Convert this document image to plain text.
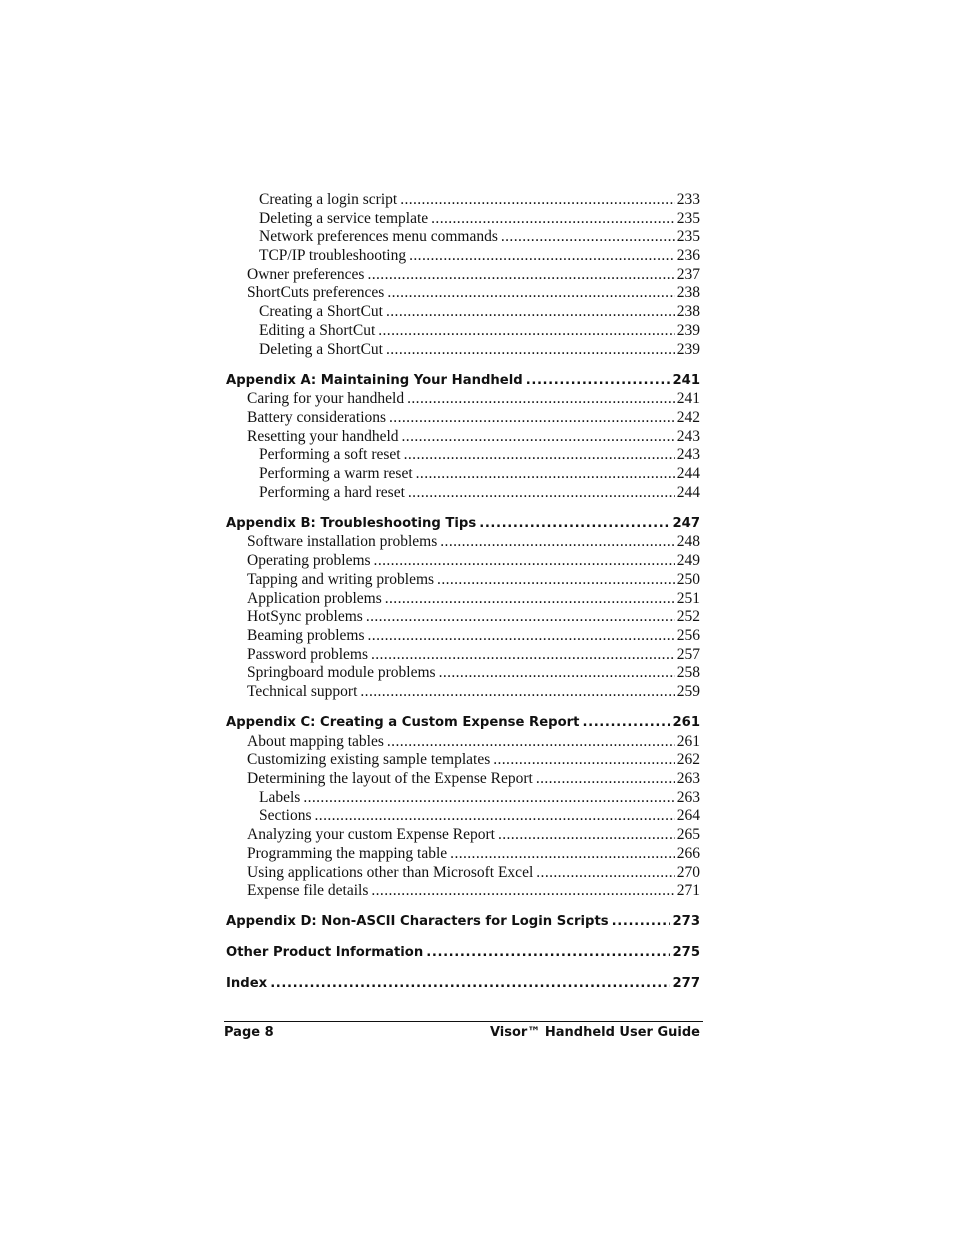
Creating a login script .....	233
Deleting a service template .....	235
Network preferences menu commands .....	235
TCP/IP troubleshooting .....	236
Owner preferences .....	237
ShortCuts preferences .....	238
Creating a ShortCut .....	238
Editing a ShortCut .....	239
Deleting a ShortCut .....	239
Appendix A: Maintaining Your Handheld .....	241
Caring for your handheld .....	241
Battery considerations .....	242
Resetting your handheld .....	243
Performing a soft reset .....	243
Performing a warm reset .....	244
Performing a hard reset .....	244
Appendix B: Troubleshooting Tips .....	247
Software installation problems .....	248
Operating problems .....	249
Tapping and writing problems .....	250
Application problems .....	251
HotSync problems .....	252
Beaming problems .....	256
Password problems .....	257
Springboard module problems .....	258
Technical support .....	259
Appendix C: Creating a Custom Expense Report .....	261
About mapping tables .....	261
Customizing existing sample templates .....	262
Determining the layout of the Expense Report .....	263
Labels .....	263
Sections .....	264
Analyzing your custom Expense Report .....	265
Programming the mapping table .....	266
Using applications other than Microsoft Excel .....	270
Expense file details .....	271
Appendix D: Non-ASCII Characters for Login Scripts .....	273
Other Product Information .....	275
Index .....	277
Page 8	Visor™ Handheld User Guide
